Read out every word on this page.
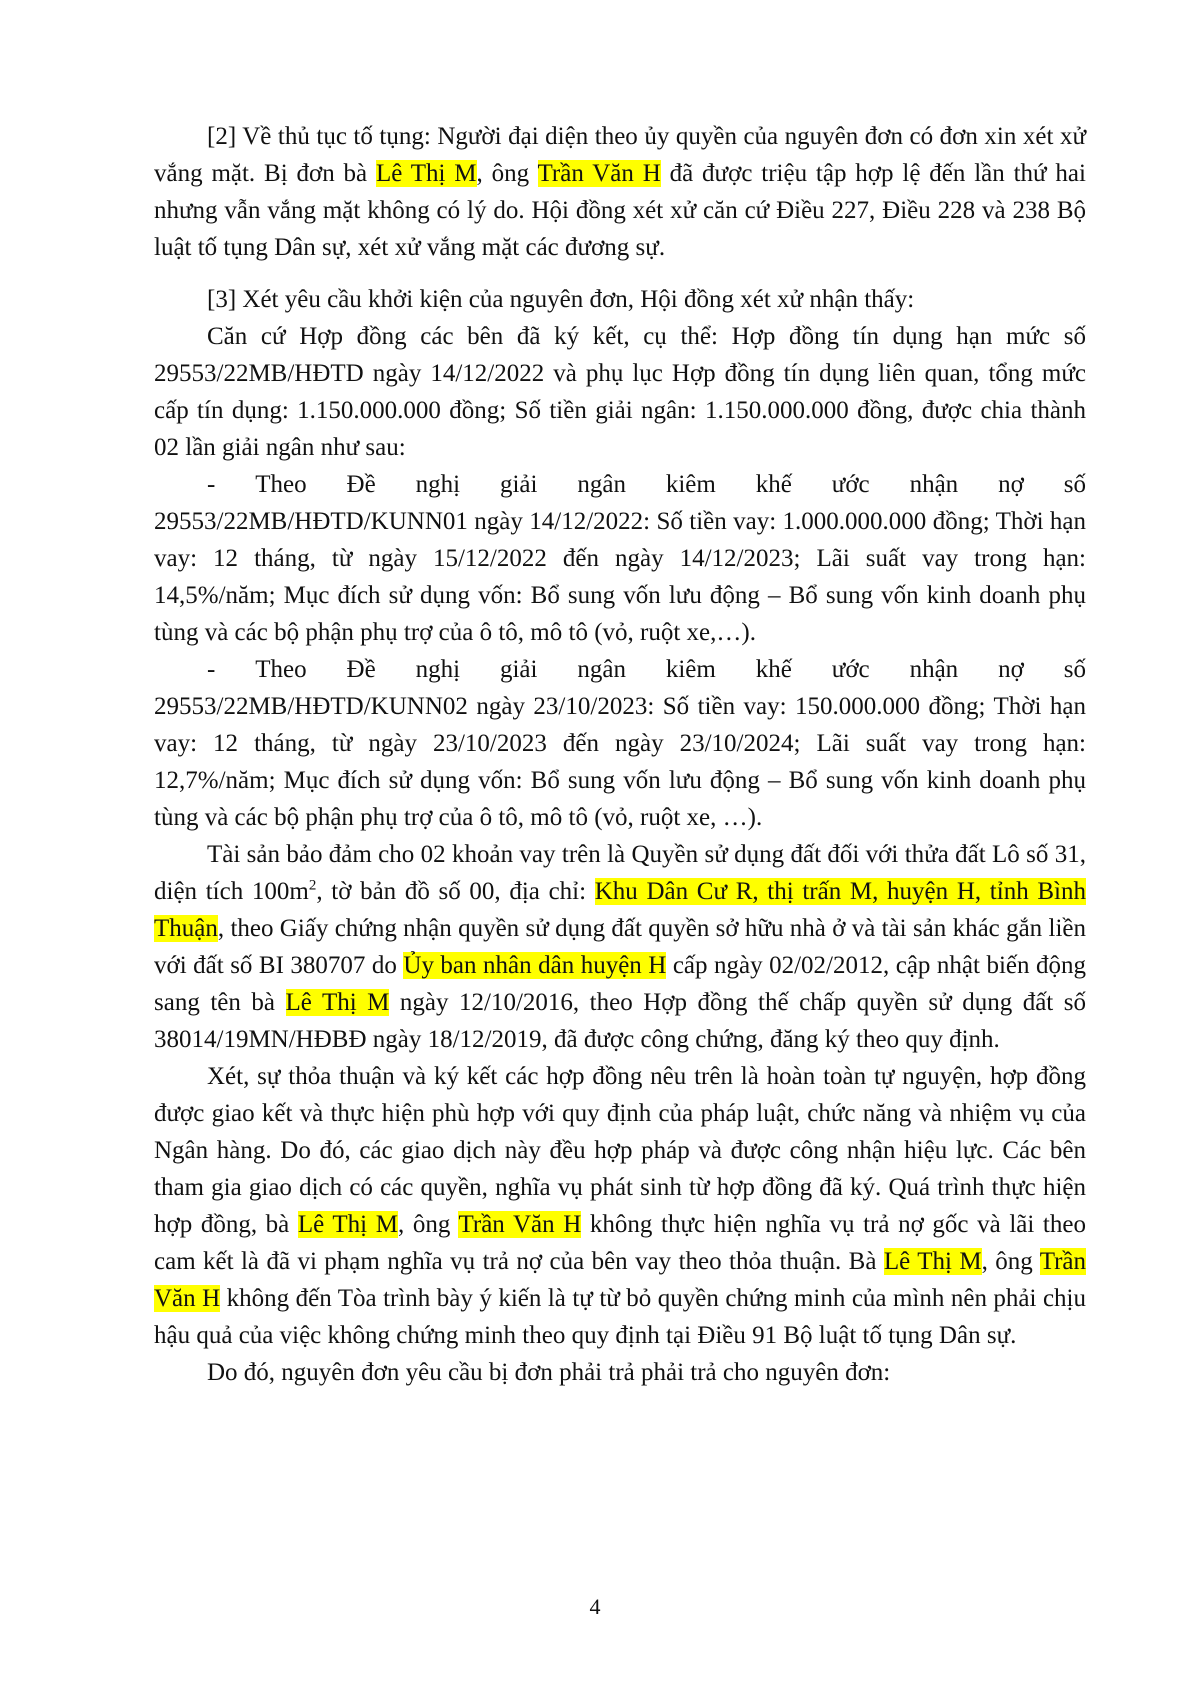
[2] Về thủ tục tố tụng: Người đại diện theo ủy quyền của nguyên đơn có đơn xin xét xử vắng mặt. Bị đơn bà Lê Thị M, ông Trần Văn H đã được triệu tập hợp lệ đến lần thứ hai nhưng vẫn vắng mặt không có lý do. Hội đồng xét xử căn cứ Điều 227, Điều 228 và 238 Bộ luật tố tụng Dân sự, xét xử vắng mặt các đương sự.

[3] Xét yêu cầu khởi kiện của nguyên đơn, Hội đồng xét xử nhận thấy:

Căn cứ Hợp đồng các bên đã ký kết, cụ thể: Hợp đồng tín dụng hạn mức số 29553/22MB/HĐTD ngày 14/12/2022 và phụ lục Hợp đồng tín dụng liên quan, tổng mức cấp tín dụng: 1.150.000.000 đồng; Số tiền giải ngân: 1.150.000.000 đồng, được chia thành 02 lần giải ngân như sau:

- Theo Đề nghị giải ngân kiêm khế ước nhận nợ số
29553/22MB/HĐTD/KUNN01 ngày 14/12/2022: Số tiền vay: 1.000.000.000 đồng; Thời hạn vay: 12 tháng, từ ngày 15/12/2022 đến ngày 14/12/2023; Lãi suất vay trong hạn: 14,5%/năm; Mục đích sử dụng vốn: Bổ sung vốn lưu động – Bổ sung vốn kinh doanh phụ tùng và các bộ phận phụ trợ của ô tô, mô tô (vỏ, ruột xe,…).
- Theo Đề nghị giải ngân kiêm khế ước nhận nợ số
29553/22MB/HĐTD/KUNN02 ngày 23/10/2023: Số tiền vay: 150.000.000 đồng; Thời hạn vay: 12 tháng, từ ngày 23/10/2023 đến ngày 23/10/2024; Lãi suất vay trong hạn: 12,7%/năm; Mục đích sử dụng vốn: Bổ sung vốn lưu động – Bổ sung vốn kinh doanh phụ tùng và các bộ phận phụ trợ của ô tô, mô tô (vỏ, ruột xe, …).

Tài sản bảo đảm cho 02 khoản vay trên là Quyền sử dụng đất đối với thửa đất Lô số 31, diện tích $100m^2$, tờ bản đồ số 00, địa chỉ: Khu Dân Cư R, thị trấn M, huyện H, tỉnh Bình Thuận, theo Giấy chứng nhận quyền sử dụng đất quyền sở hữu nhà ở và tài sản khác gắn liền với đất số BI 380707 do Ủy ban nhân dân huyện H cấp ngày 02/02/2012, cập nhật biến động sang tên bà Lê Thị M ngày 12/10/2016, theo Hợp đồng thế chấp quyền sử dụng đất số 38014/19MN/HĐBĐ ngày 18/12/2019, đã được công chứng, đăng ký theo quy định.

Xét, sự thỏa thuận và ký kết các hợp đồng nêu trên là hoàn toàn tự nguyện, hợp đồng được giao kết và thực hiện phù hợp với quy định của pháp luật, chức năng và nhiệm vụ của Ngân hàng. Do đó, các giao dịch này đều hợp pháp và được công nhận hiệu lực. Các bên tham gia giao dịch có các quyền, nghĩa vụ phát sinh từ hợp đồng đã ký. Quá trình thực hiện hợp đồng, bà Lê Thị M, ông Trần Văn H không thực hiện nghĩa vụ trả nợ gốc và lãi theo cam kết là đã vi phạm nghĩa vụ trả nợ của bên vay theo thỏa thuận. Bà Lê Thị M, ông Trần Văn H không đến Tòa trình bày ý kiến là tự từ bỏ quyền chứng minh của mình nên phải chịu hậu quả của việc không chứng minh theo quy định tại Điều 91 Bộ luật tố tụng Dân sự.

Do đó, nguyên đơn yêu cầu bị đơn phải trả phải trả cho nguyên đơn:

4
